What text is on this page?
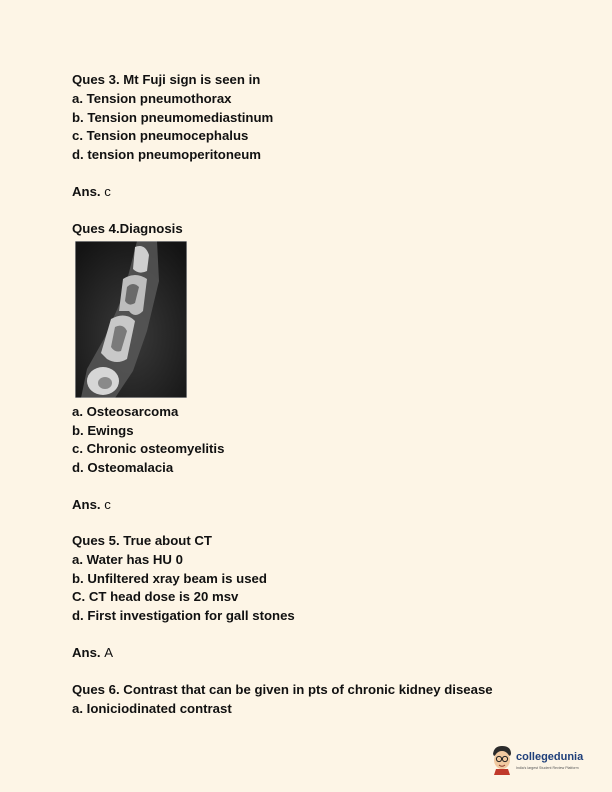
Ques 3. Mt Fuji sign is seen in
a. Tension pneumothorax
b. Tension pneumomediastinum
c. Tension pneumocephalus
d. tension pneumoperitoneum
Ans. c
Ques 4.Diagnosis
a. Osteosarcoma
b. Ewings
c. Chronic osteomyelitis
d. Osteomalacia
Ans. c
Ques 5. True about CT
a. Water has HU 0
b. Unfiltered xray beam is used
C. CT head dose is 20 msv
d. First investigation for gall stones
Ans. A
Ques 6. Contrast that can be given in pts of chronic kidney disease
a. Ioniciodinated contrast
collegedunia
India's largest Student Review Platform
